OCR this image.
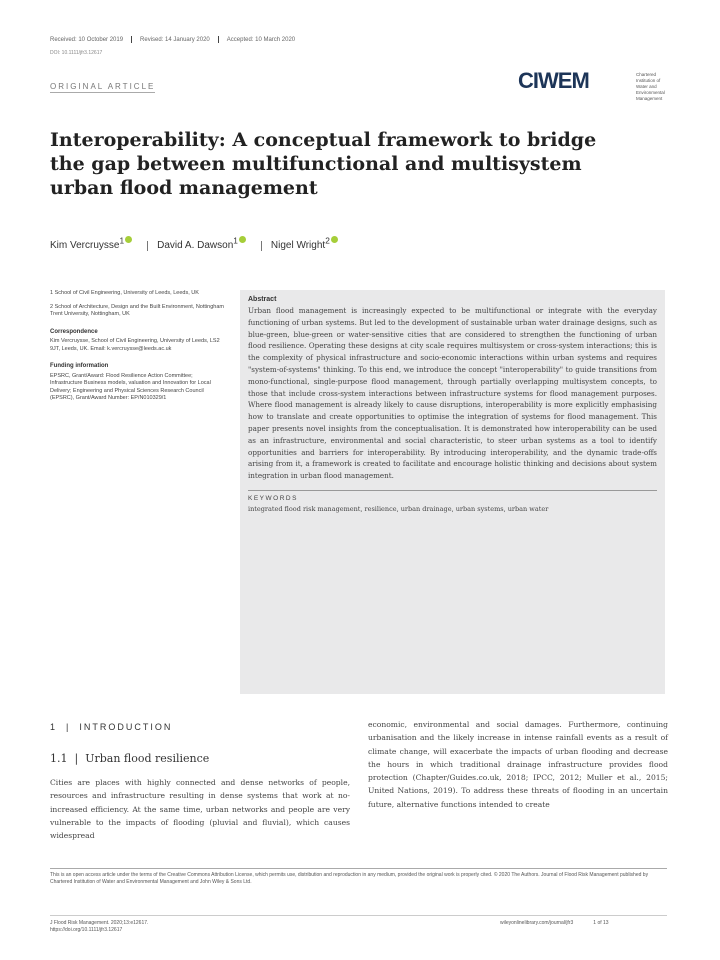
Received: 10 October 2019	Revised: 14 January 2020	Accepted: 10 March 2020
DOI: 10.1111/jfr3.12617
ORIGINAL ARTICLE	CIWEM	Chartered Institution of Water and Environmental Management
Interoperability: A conceptual framework to bridge the gap between multifunctional and multisystem urban flood management
Kim Vercruysse$^1$	David A. Dawson$^1$	Nigel Wright$^2$
1 School of Civil Engineering, University of Leeds, Leeds, UK
2 School of Architecture, Design and the Built Environment, Nottingham Trent University, Nottingham, UK
Correspondence
Kim Vercruysse, School of Civil Engineering, University of Leeds, LS2 9JT, Leeds, UK. Email: k.vercruysse@leeds.ac.uk
Funding information
EPSRC, Grant/Award: Flood Resilience Action Committee; Infrastructure Business models, valuation and Innovation for Local Delivery; Engineering and Physical Sciences Research Council (EPSRC), Grant/Award Number: EP/N010329/1
Abstract
Urban flood management is increasingly expected to be multifunctional or integrate with the everyday functioning of urban systems. But led to the development of sustainable urban water drainage designs, such as blue-green, blue-green or water-sensitive cities that are considered to strengthen the functioning of urban flood resilience. Operating these designs at city scale requires multisystem or cross-system interactions; this is the complexity of physical infrastructure and socio-economic interactions within urban systems and requires "system-of-systems" thinking. To this end, we introduce the concept "interoperability" to guide transitions from mono-functional, single-purpose flood management, through partially overlapping multisystem concepts, to those that include cross-system interactions between infrastructure systems for flood management purposes. Where flood management is already likely to cause disruptions, interoperability is more explicitly emphasising how to translate and create opportunities to optimise the integration of systems for flood management. This paper presents novel insights from the conceptualisation. It is demonstrated how interoperability can be used as an infrastructure, environmental and social characteristic, to steer urban systems as a tool to identify opportunities and barriers for interoperability. By introducing interoperability, and the dynamic trade-offs arising from it, a framework is created to facilitate and encourage holistic thinking and decisions about system integration in urban flood management.
KEYWORDS
integrated flood risk management, resilience, urban drainage, urban systems, urban water
1  |  INTRODUCTION
1.1  |  Urban flood resilience
Cities are places with highly connected and dense networks of people, resources and infrastructure resulting in dense systems that work at no-increased efficiency. At the same time, urban networks and people are very vulnerable to the impacts of flooding (pluvial and fluvial), which causes widespread
economic, environmental and social damages. Furthermore, continuing urbanisation and the likely increase in intense rainfall events as a result of climate change, will exacerbate the impacts of urban flooding and decrease the hours in which traditional drainage infrastructure provides flood protection (Chapter/Guides.co.uk, 2018; IPCC, 2012; Muller et al., 2015; United Nations, 2019). To address these threats of flooding in an uncertain future, alternative functions intended to create
This is an open access article under the terms of the Creative Commons Attribution License, which permits use, distribution and reproduction in any medium, provided the original work is properly cited. © 2020 The Authors. Journal of Flood Risk Management published by Chartered Institution of Water and Environmental Management and John Wiley & Sons Ltd.
J Flood Risk Management. 2020;13:e12617.
https://doi.org/10.1111/jfr3.12617
wileyonlinelibrary.com/journal/jfr3	1 of 13
